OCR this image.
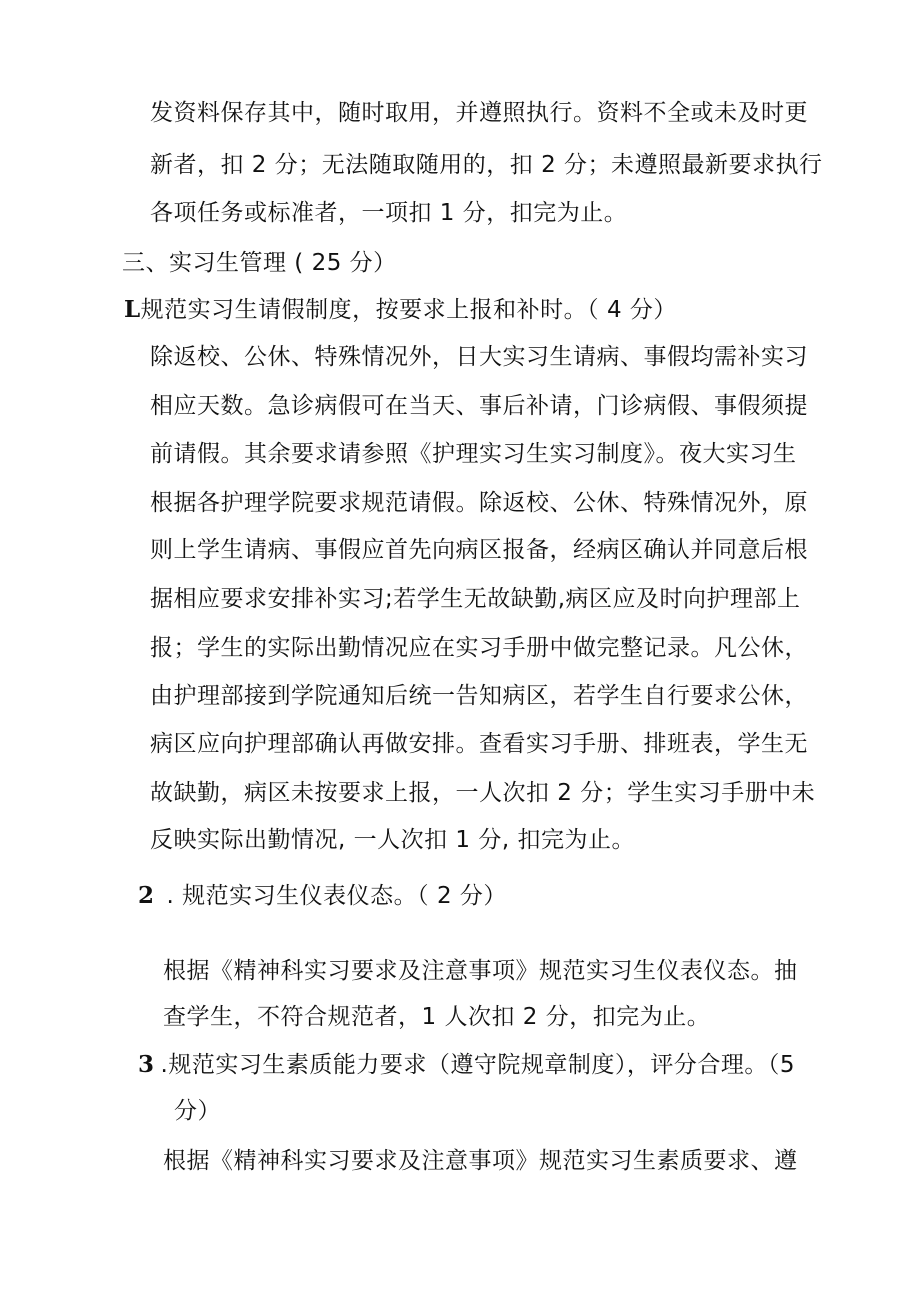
发资料保存其中，随时取用，并遵照执行。资料不全或未及时更
新者，扣 2 分；无法随取随用的，扣 2 分；未遵照最新要求执行
各项任务或标准者，一项扣 1 分，扣完为止。
三、实习生管理 ( 25 分）
L规范实习生请假制度，按要求上报和补时。（ 4 分）
除返校、公休、特殊情况外，日大实习生请病、事假均需补实习
相应天数。急诊病假可在当天、事后补请，门诊病假、事假须提
前请假。其余要求请参照《护理实习生实习制度》。夜大实习生
根据各护理学院要求规范请假。除返校、公休、特殊情况外，原
则上学生请病、事假应首先向病区报备，经病区确认并同意后根
据相应要求安排补实习;若学生无故缺勤,病区应及时向护理部上
报；学生的实际出勤情况应在实习手册中做完整记录。凡公休，
由护理部接到学院通知后统一告知病区，若学生自行要求公休，
病区应向护理部确认再做安排。查看实习手册、排班表，学生无
故缺勤，病区未按要求上报，一人次扣 2 分；学生实习手册中未
反映实际出勤情况, 一人次扣 1 分, 扣完为止。
2 . 规范实习生仪表仪态。（ 2 分）
根据《精神科实习要求及注意事项》规范实习生仪表仪态。抽
查学生，不符合规范者，1 人次扣 2 分，扣完为止。
3 .规范实习生素质能力要求（遵守院规章制度），评分合理。（5
分）
根据《精神科实习要求及注意事项》规范实习生素质要求、遵
